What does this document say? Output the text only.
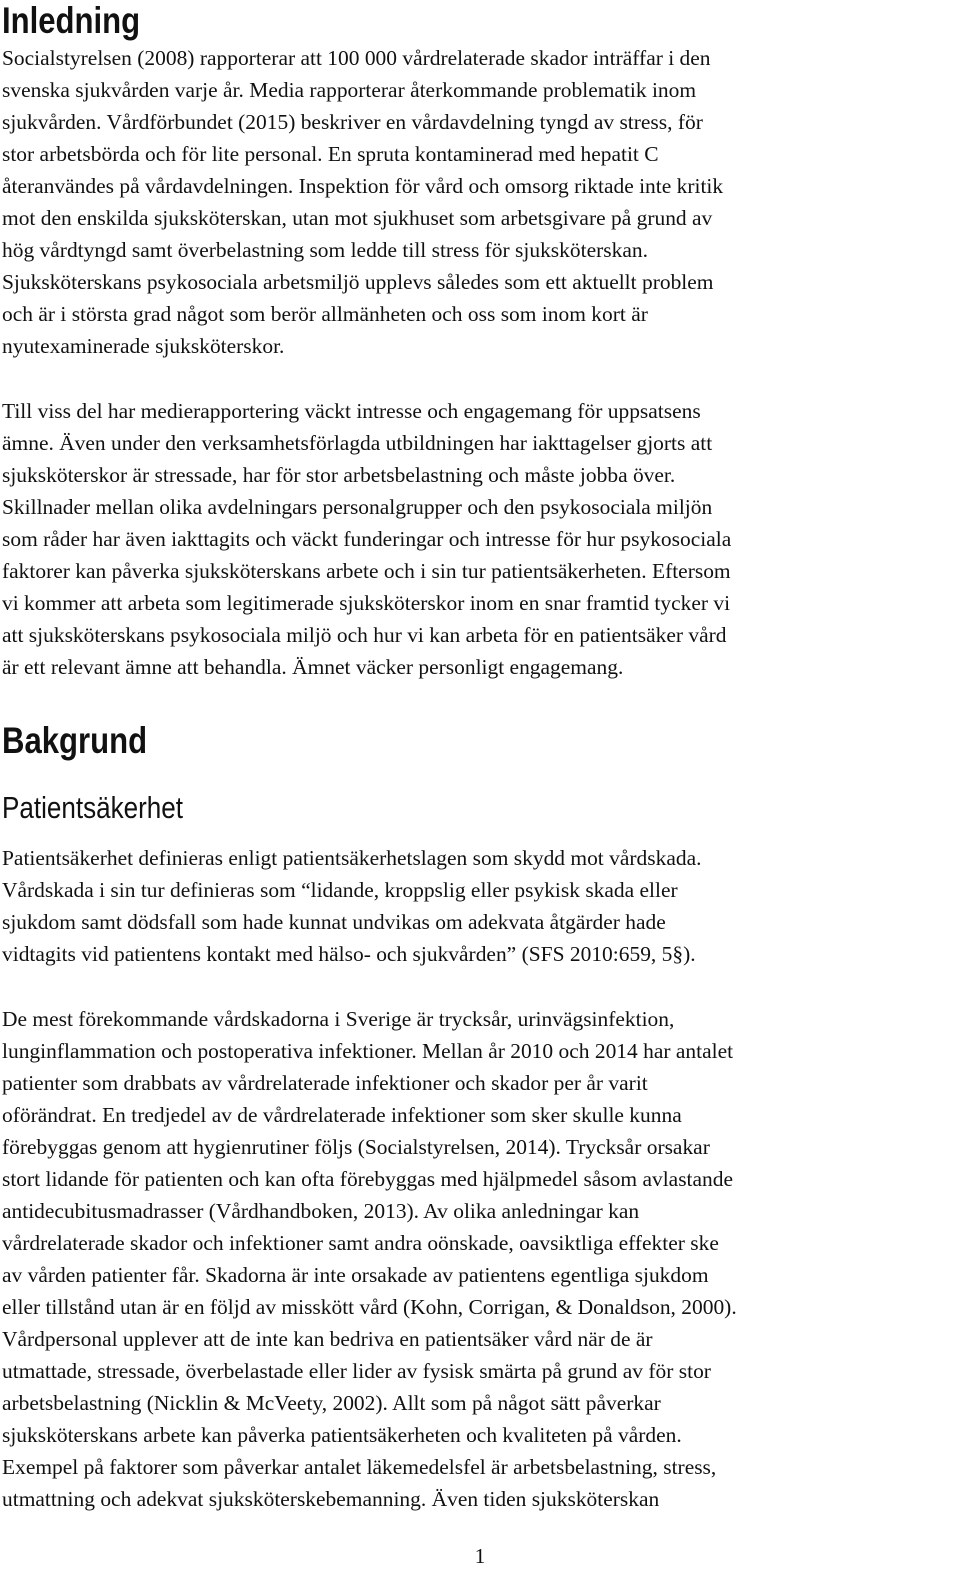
Inledning
Socialstyrelsen (2008) rapporterar att 100 000 vårdrelaterade skador inträffar i den
svenska sjukvården varje år. Media rapporterar återkommande problematik inom
sjukvården. Vårdförbundet (2015) beskriver en vårdavdelning tyngd av stress, för
stor arbetsbörda och för lite personal. En spruta kontaminerad med hepatit C
återanvändes på vårdavdelningen. Inspektion för vård och omsorg riktade inte kritik
mot den enskilda sjuksköterskan, utan mot sjukhuset som arbetsgivare på grund av
hög vårdtyngd samt överbelastning som ledde till stress för sjuksköterskan.
Sjuksköterskans psykosociala arbetsmiljö upplevs således som ett aktuellt problem
och är i största grad något som berör allmänheten och oss som inom kort är
nyutexaminerade sjuksköterskor.
Till viss del har medierapportering väckt intresse och engagemang för uppsatsens
ämne. Även under den verksamhetsförlagda utbildningen har iakttagelser gjorts att
sjuksköterskor är stressade, har för stor arbetsbelastning och måste jobba över.
Skillnader mellan olika avdelningars personalgrupper och den psykosociala miljön
som råder har även iakttagits och väckt funderingar och intresse för hur psykosociala
faktorer kan påverka sjuksköterskans arbete och i sin tur patientsäkerheten. Eftersom
vi kommer att arbeta som legitimerade sjuksköterskor inom en snar framtid tycker vi
att sjuksköterskans psykosociala miljö och hur vi kan arbeta för en patientsäker vård
är ett relevant ämne att behandla. Ämnet väcker personligt engagemang.
Bakgrund
Patientsäkerhet
Patientsäkerhet definieras enligt patientsäkerhetslagen som skydd mot vårdskada.
Vårdskada i sin tur definieras som “lidande, kroppslig eller psykisk skada eller
sjukdom samt dödsfall som hade kunnat undvikas om adekvata åtgärder hade
vidtagits vid patientens kontakt med hälso- och sjukvården” (SFS 2010:659, 5§).
De mest förekommande vårdskadorna i Sverige är trycksår, urinvägsinfektion,
lunginflammation och postoperativa infektioner. Mellan år 2010 och 2014 har antalet
patienter som drabbats av vårdrelaterade infektioner och skador per år varit
oförändrat. En tredjedel av de vårdrelaterade infektioner som sker skulle kunna
förebyggas genom att hygienrutiner följs (Socialstyrelsen, 2014). Trycksår orsakar
stort lidande för patienten och kan ofta förebyggas med hjälpmedel såsom avlastande
antidecubitusmadrasser (Vårdhandboken, 2013). Av olika anledningar kan
vårdrelaterade skador och infektioner samt andra oönskade, oavsiktliga effekter ske
av vården patienter får. Skadorna är inte orsakade av patientens egentliga sjukdom
eller tillstånd utan är en följd av misskött vård (Kohn, Corrigan, & Donaldson, 2000).
Vårdpersonal upplever att de inte kan bedriva en patientsäker vård när de är
utmattade, stressade, överbelastade eller lider av fysisk smärta på grund av för stor
arbetsbelastning (Nicklin & McVeety, 2002). Allt som på något sätt påverkar
sjuksköterskans arbete kan påverka patientsäkerheten och kvaliteten på vården.
Exempel på faktorer som påverkar antalet läkemedelsfel är arbetsbelastning, stress,
utmattning och adekvat sjuksköterskebemanning. Även tiden sjuksköterskan
1
